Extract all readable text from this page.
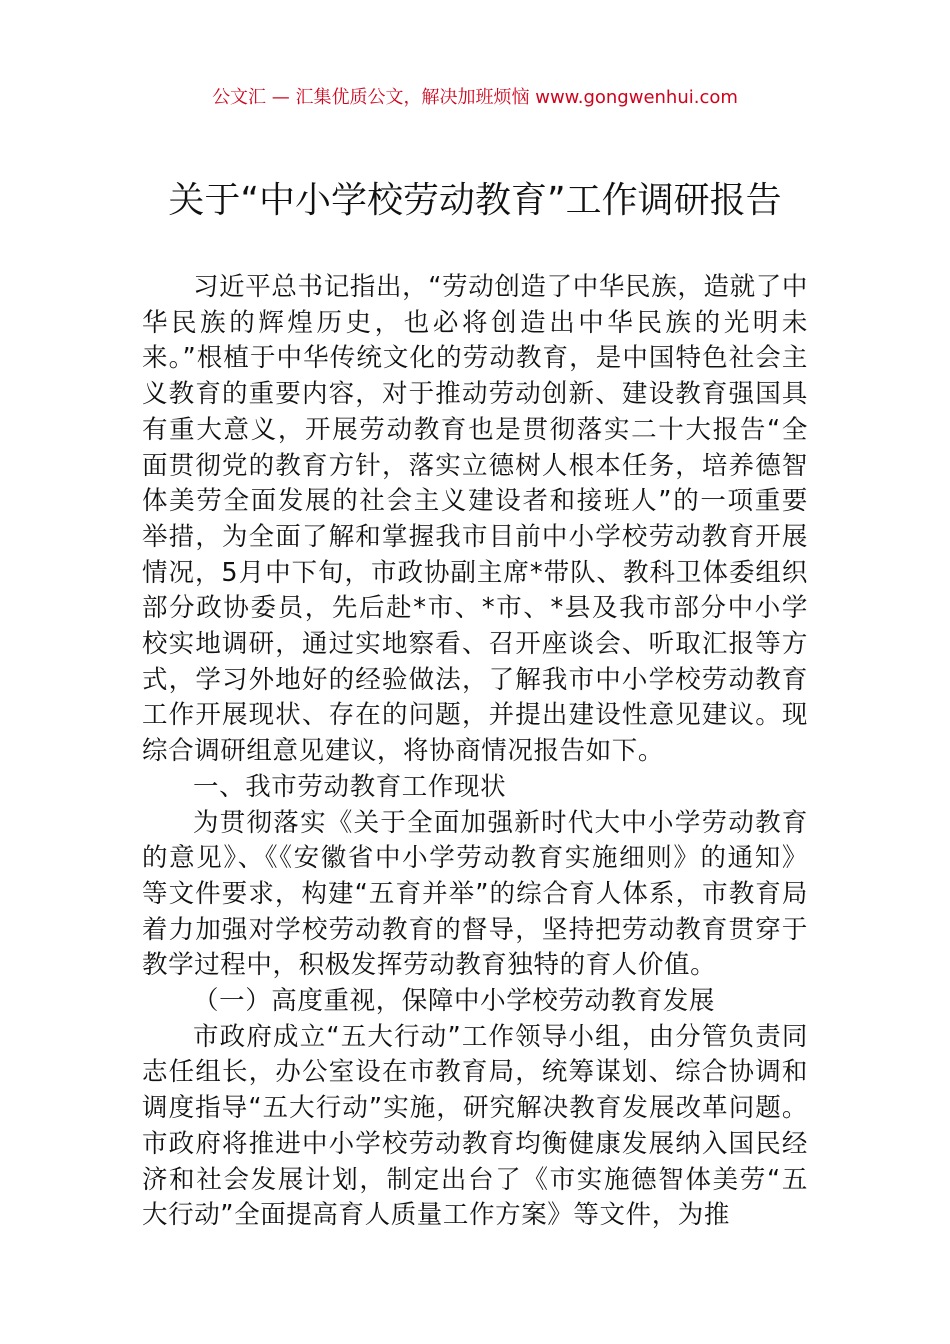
公文汇 — 汇集优质公文，解决加班烦恼 www.gongwenhui.com
关于“中小学校劳动教育”工作调研报告

习近平总书记指出，“劳动创造了中华民族，造就了中华民族的辉煌历史，也必将创造出中华民族的光明未来。”根植于中华传统文化的劳动教育，是中国特色社会主义教育的重要内容，对于推动劳动创新、建设教育强国具有重大意义，开展劳动教育也是贯彻落实二十大报告“全面贯彻党的教育方针，落实立德树人根本任务，培养德智体美劳全面发展的社会主义建设者和接班人”的一项重要举措，为全面了解和掌握我市目前中小学校劳动教育开展情况，5月中下旬，市政协副主席*带队、教科卫体委组织部分政协委员，先后赴*市、*市、*县及我市部分中小学校实地调研，通过实地察看、召开座谈会、听取汇报等方式，学习外地好的经验做法，了解我市中小学校劳动教育工作开展现状、存在的问题，并提出建设性意见建议。现综合调研组意见建议，将协商情况报告如下。

一、我市劳动教育工作现状

为贯彻落实《关于全面加强新时代大中小学劳动教育的意见》、《《安徽省中小学劳动教育实施细则》的通知》等文件要求，构建“五育并举”的综合育人体系，市教育局着力加强对学校劳动教育的督导，坚持把劳动教育贯穿于教学过程中，积极发挥劳动教育独特的育人价值。

（一）高度重视，保障中小学校劳动教育发展

市政府成立“五大行动”工作领导小组，由分管负责同志任组长，办公室设在市教育局，统筹谋划、综合协调和调度指导“五大行动”实施，研究解决教育发展改革问题。市政府将推进中小学校劳动教育均衡健康发展纳入国民经济和社会发展计划，制定出台了《市实施德智体美劳“五大行动”全面提高育人质量工作方案》等文件，为推
